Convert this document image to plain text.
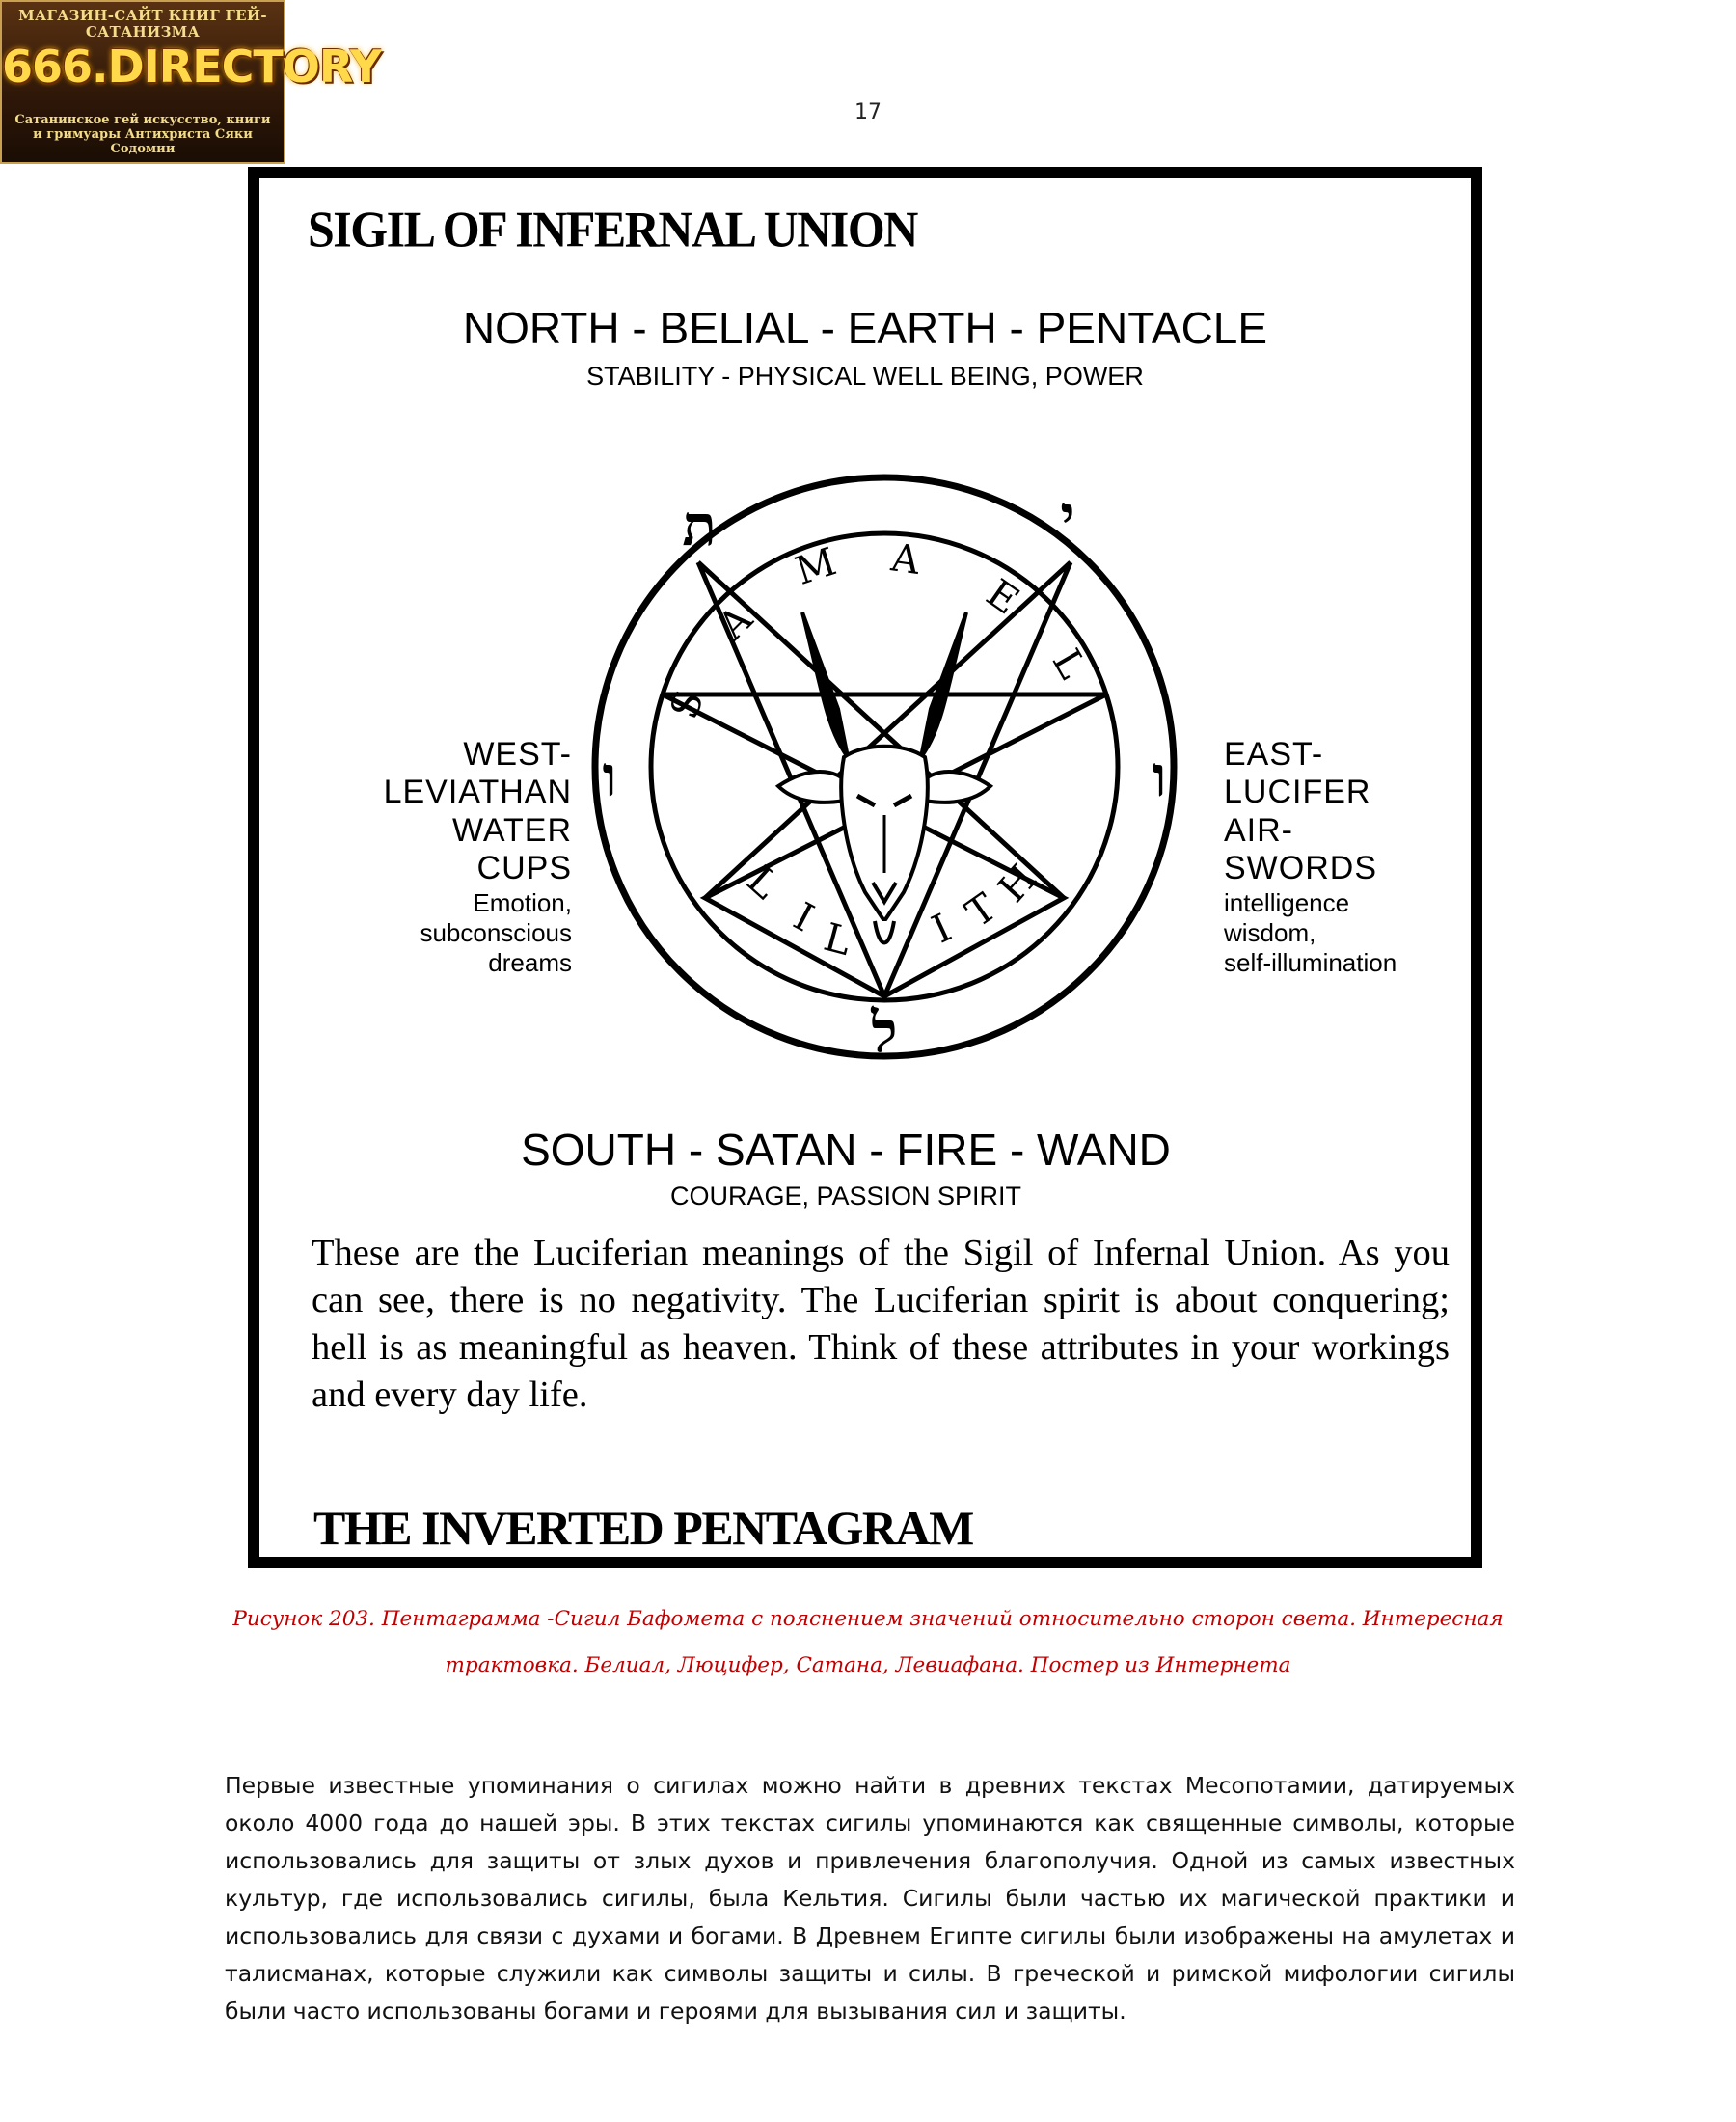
МАГАЗИН-САЙТ КНИГ ГЕЙ-САТАНИЗМА
666.DIRECTORY
Сатанинское гей искусство, книги
и гримуары Антихриста Сяки Содомии
17
SIGIL OF INFERNAL UNION
NORTH - BELIAL - EARTH - PENTACLE
STABILITY - PHYSICAL WELL BEING, POWER
WEST-
LEVIATHAN
WATER
CUPS
Emotion,
subconscious
dreams
EAST-
LUCIFER
AIR-
SWORDS
intelligence
wisdom,
self-illumination
S
A
M A
E
L
L
I
L I T
H
ת	י
ו
ל
ו
SOUTH - SATAN - FIRE - WAND
COURAGE, PASSION SPIRIT
These are the Luciferian meanings of the Sigil of Infernal Union. As you can see, there is no negativity. The Luciferian spirit is about conquering; hell is as meaningful as heaven. Think of these attributes in your workings and every day life.
THE INVERTED PENTAGRAM
Рисунок 203. Пентаграмма -Сигил Бафомета с пояснением значений относительно сторон света. Интересная
трактовка. Белиал, Люцифер, Сатана, Левиафана. Постер из Интернета
Первые известные упоминания о сигилах можно найти в древних текстах Месопотамии, датируемых около 4000 года до нашей эры. В этих текстах сигилы упоминаются как священные символы, которые использовались для защиты от злых духов и привлечения благополучия. Одной из самых известных культур, где использовались сигилы, была Кельтия. Сигилы были частью их магической практики и использовались для связи с духами и богами. В Древнем Египте сигилы были изображены на амулетах и талисманах, которые служили как символы защиты и силы. В греческой и римской мифологии сигилы были часто использованы богами и героями для вызывания сил и защиты.
